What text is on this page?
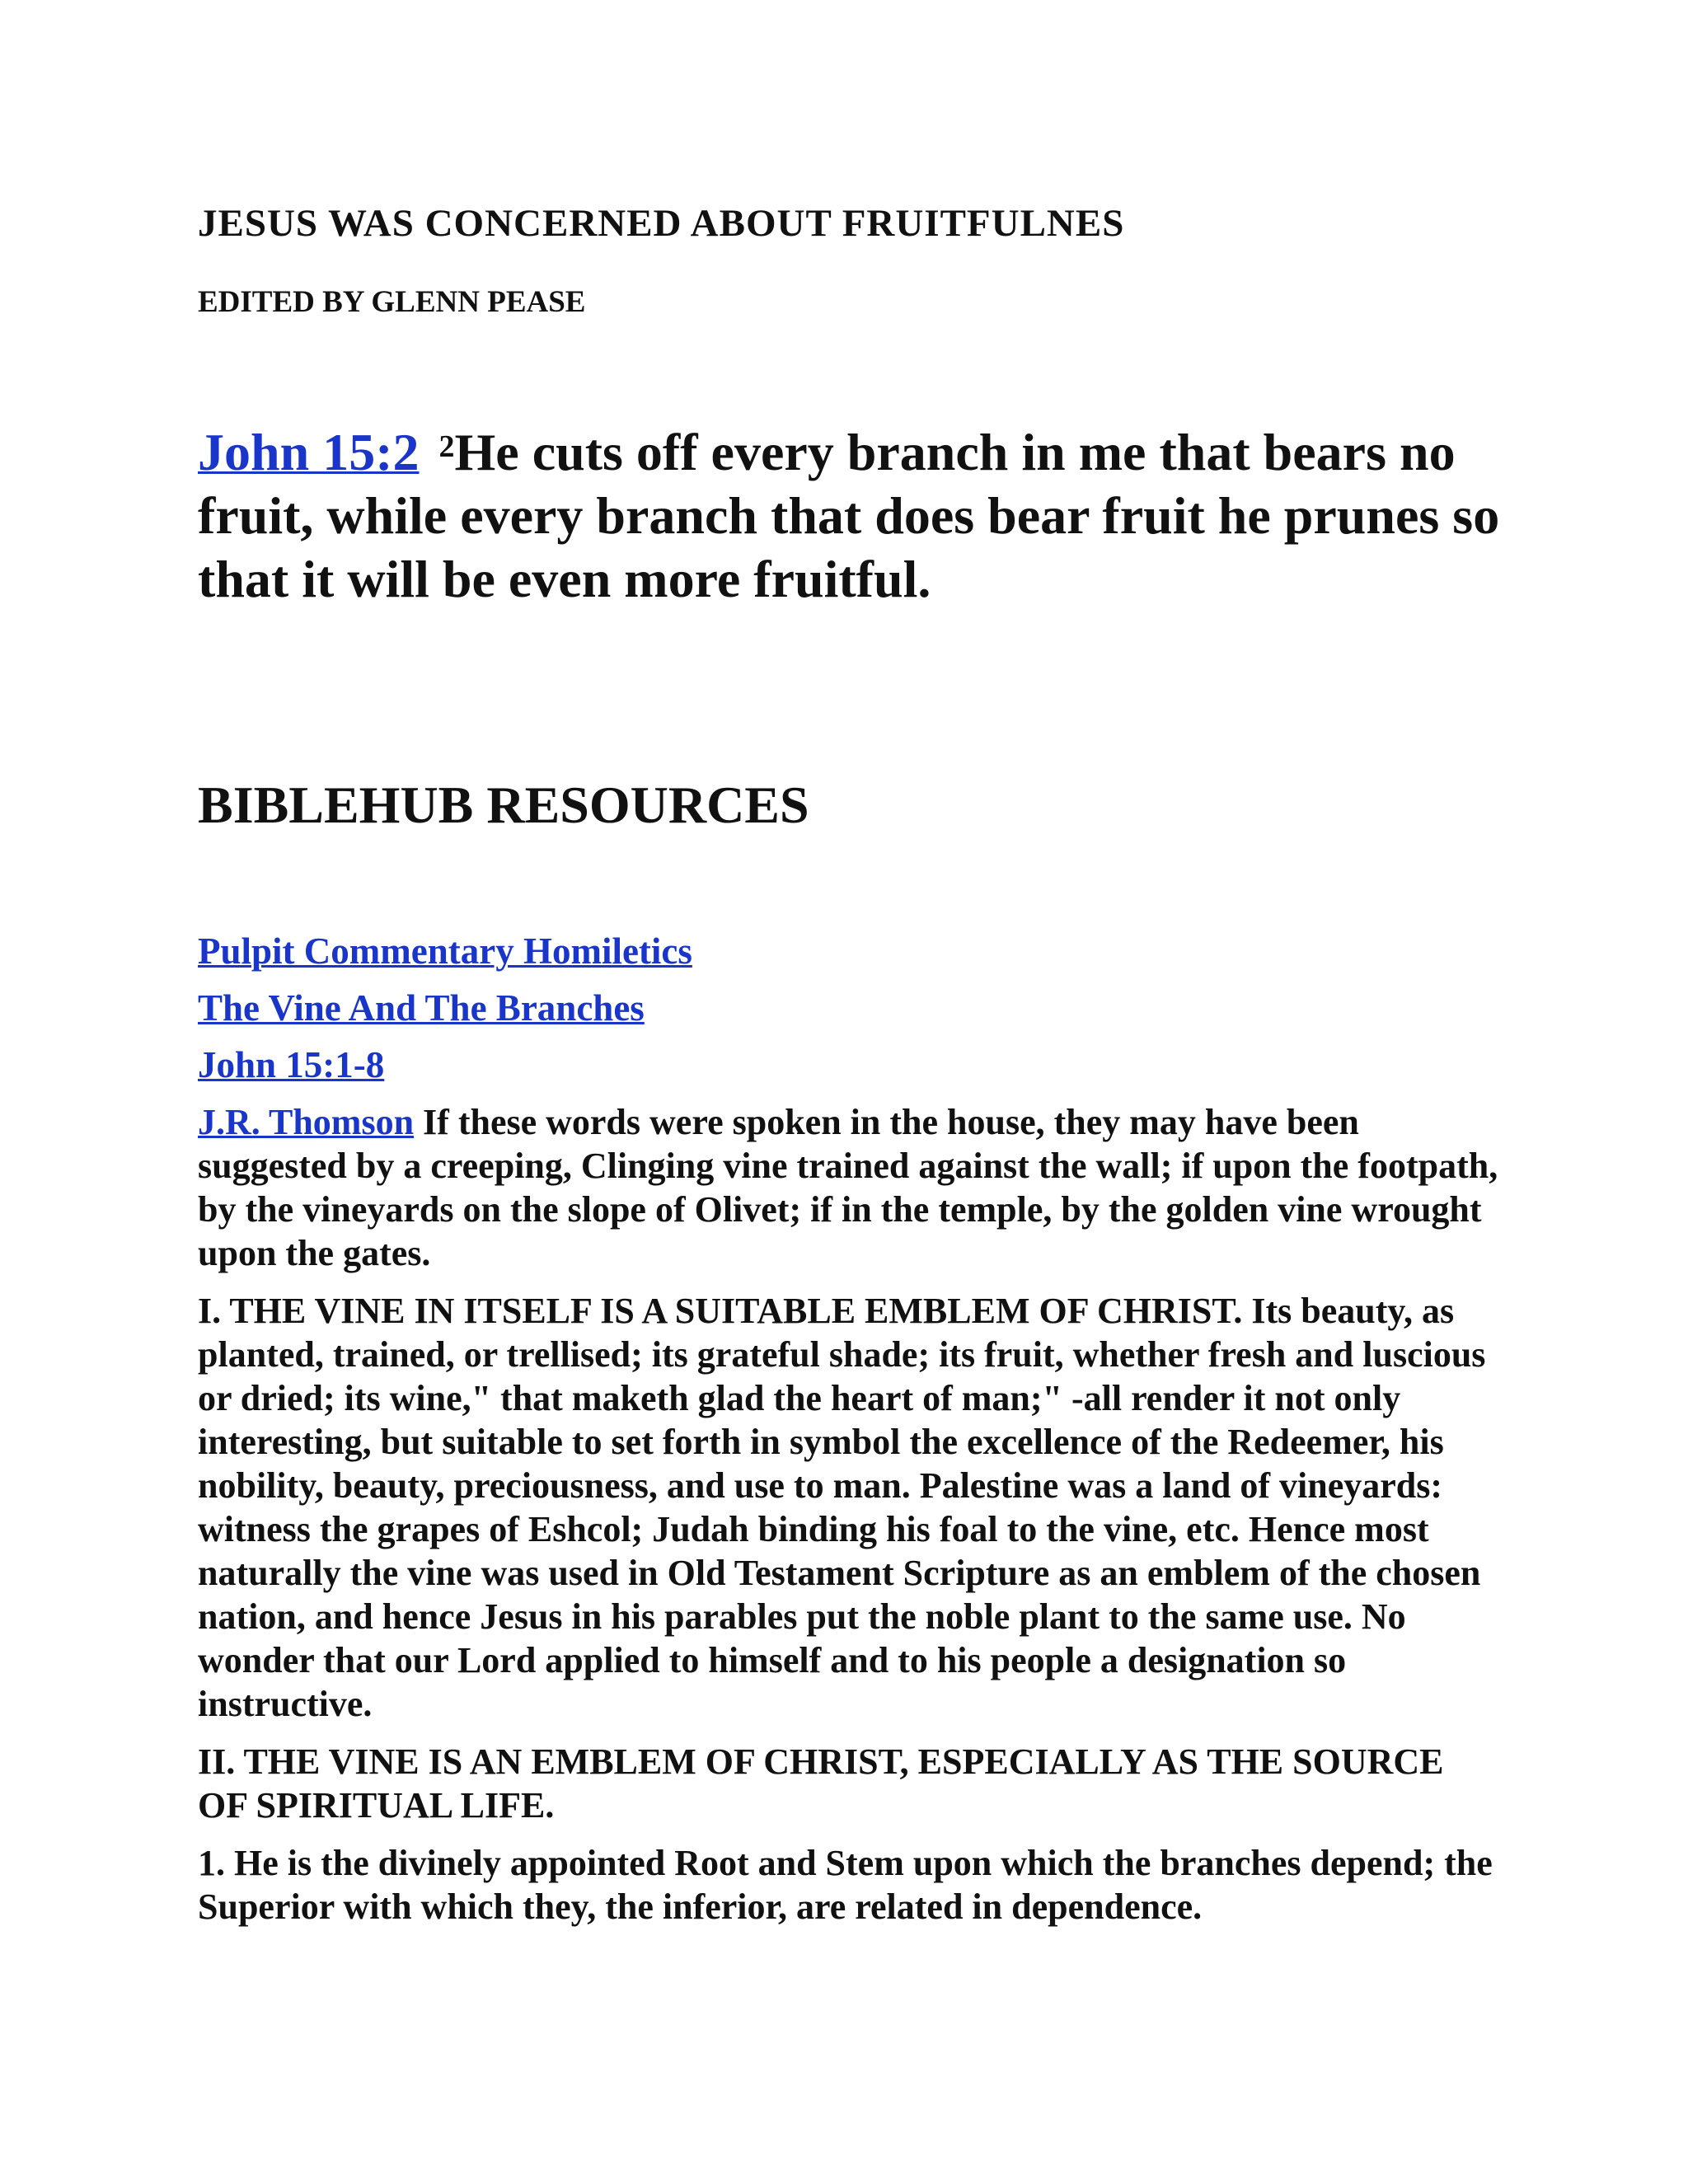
JESUS WAS CONCERNED ABOUT FRUITFULNES
EDITED BY GLENN PEASE
John 15:2 $^2$He cuts off every branch in me that bears no fruit, while every branch that does bear fruit he prunes so that it will be even more fruitful.
BIBLEHUB RESOURCES
Pulpit Commentary Homiletics
The Vine And The Branches
John 15:1-8

J.R. Thomson If these words were spoken in the house, they may have been suggested by a creeping, Clinging vine trained against the wall; if upon the footpath, by the vineyards on the slope of Olivet; if in the temple, by the golden vine wrought upon the gates.

I. THE VINE IN ITSELF IS A SUITABLE EMBLEM OF CHRIST. Its beauty, as planted, trained, or trellised; its grateful shade; its fruit, whether fresh and luscious or dried; its wine," that maketh glad the heart of man;" -all render it not only interesting, but suitable to set forth in symbol the excellence of the Redeemer, his nobility, beauty, preciousness, and use to man. Palestine was a land of vineyards: witness the grapes of Eshcol; Judah binding his foal to the vine, etc. Hence most naturally the vine was used in Old Testament Scripture as an emblem of the chosen nation, and hence Jesus in his parables put the noble plant to the same use. No wonder that our Lord applied to himself and to his people a designation so instructive.

II. THE VINE IS AN EMBLEM OF CHRIST, ESPECIALLY AS THE SOURCE OF SPIRITUAL LIFE.

1. He is the divinely appointed Root and Stem upon which the branches depend; the Superior with which they, the inferior, are related in dependence.
